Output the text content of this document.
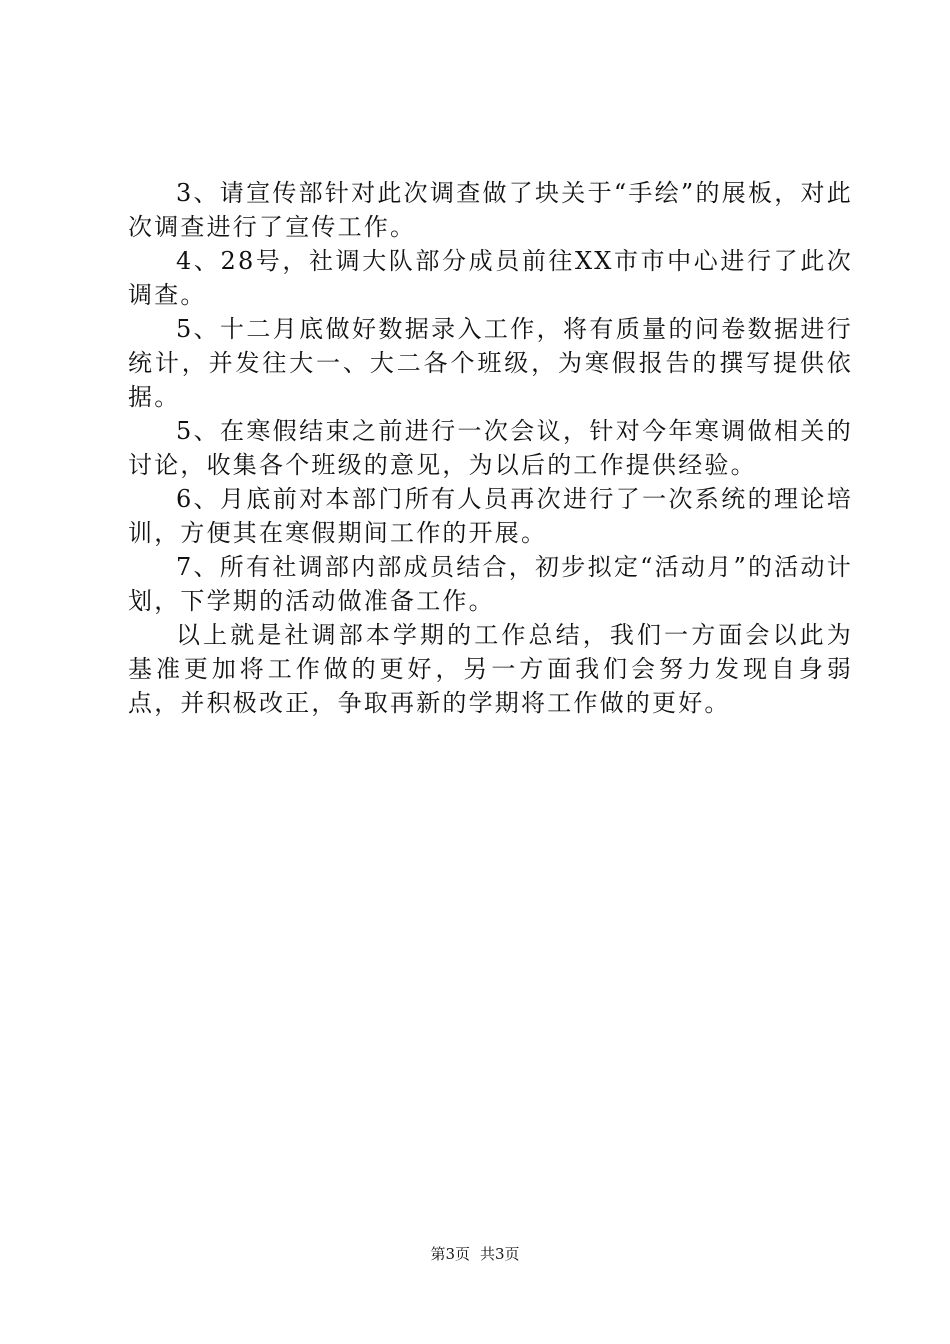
3、请宣传部针对此次调查做了块关于“手绘”的展板，对此次调查进行了宣传工作。

4、28号，社调大队部分成员前往XX市市中心进行了此次调查。

5、十二月底做好数据录入工作，将有质量的问卷数据进行统计，并发往大一、大二各个班级，为寒假报告的撰写提供依据。

5、在寒假结束之前进行一次会议，针对今年寒调做相关的讨论，收集各个班级的意见，为以后的工作提供经验。

6、月底前对本部门所有人员再次进行了一次系统的理论培训，方便其在寒假期间工作的开展。

7、所有社调部内部成员结合，初步拟定“活动月”的活动计划，下学期的活动做准备工作。

以上就是社调部本学期的工作总结，我们一方面会以此为基准更加将工作做的更好，另一方面我们会努力发现自身弱点，并积极改正，争取再新的学期将工作做的更好。

第3页 共3页
